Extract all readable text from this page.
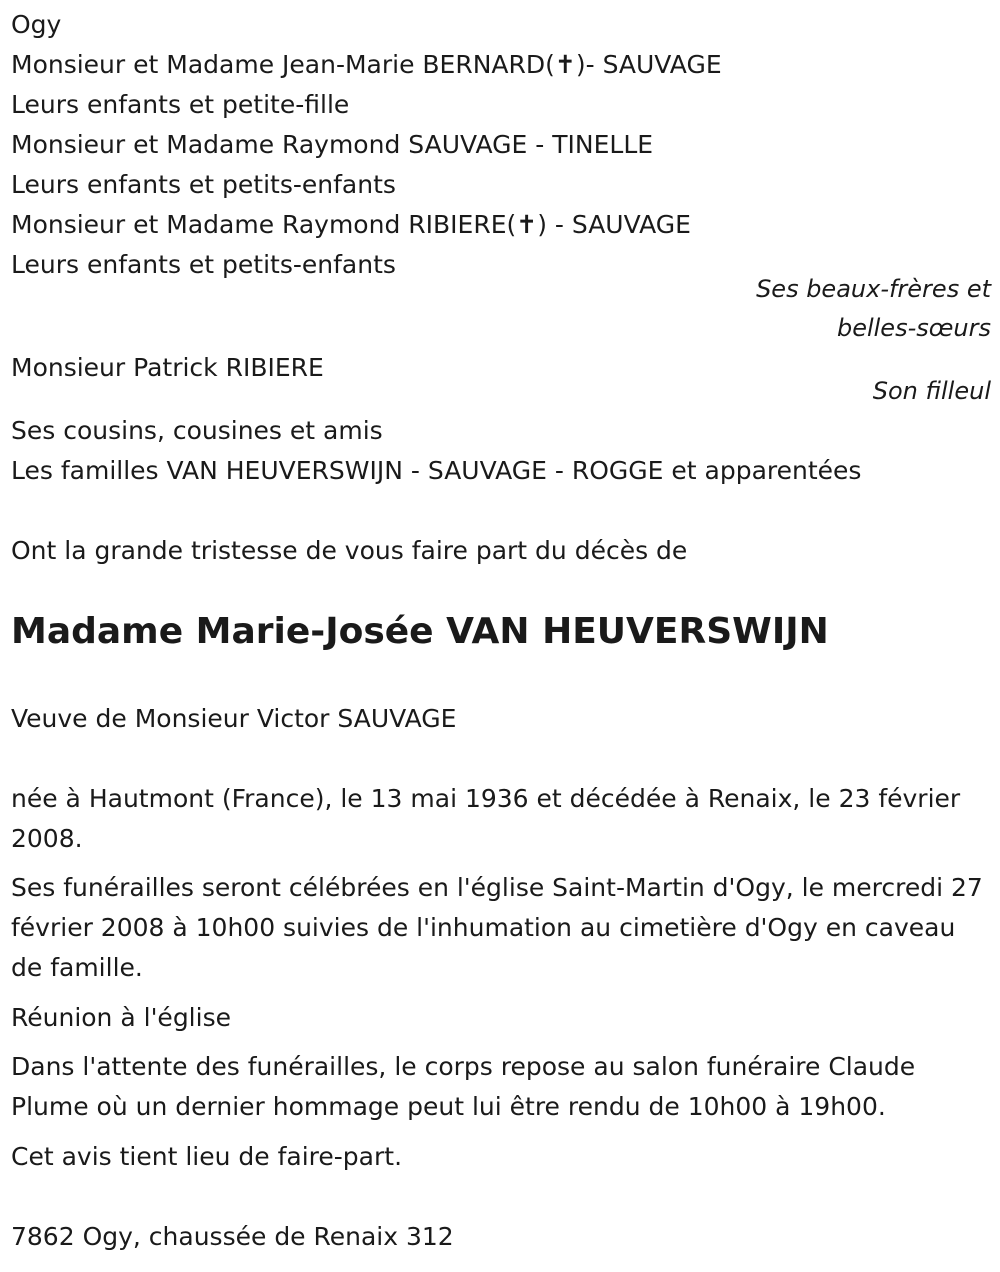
Ogy
Monsieur et Madame Jean-Marie BERNARD(✝)- SAUVAGE
Leurs enfants et petite-fille
Monsieur et Madame Raymond SAUVAGE - TINELLE
Leurs enfants et petits-enfants
Monsieur et Madame Raymond RIBIERE(✝) - SAUVAGE
Leurs enfants et petits-enfants
Ses beaux-frères et
belles-sœurs
Monsieur Patrick RIBIERE
Son filleul
Ses cousins, cousines et amis
Les familles VAN HEUVERSWIJN - SAUVAGE - ROGGE et apparentées
Ont la grande tristesse de vous faire part du décès de
Madame Marie-Josée VAN HEUVERSWIJN
Veuve de Monsieur Victor SAUVAGE
née à Hautmont (France), le 13 mai 1936 et décédée à Renaix, le 23 février 2008.
Ses funérailles seront célébrées en l'église Saint-Martin d'Ogy, le mercredi 27 février 2008 à 10h00 suivies de l'inhumation au cimetière d'Ogy en caveau de famille.
Réunion à l'église
Dans l'attente des funérailles, le corps repose au salon funéraire Claude Plume où un dernier hommage peut lui être rendu de 10h00 à 19h00.
Cet avis tient lieu de faire-part.
7862 Ogy, chaussée de Renaix 312
